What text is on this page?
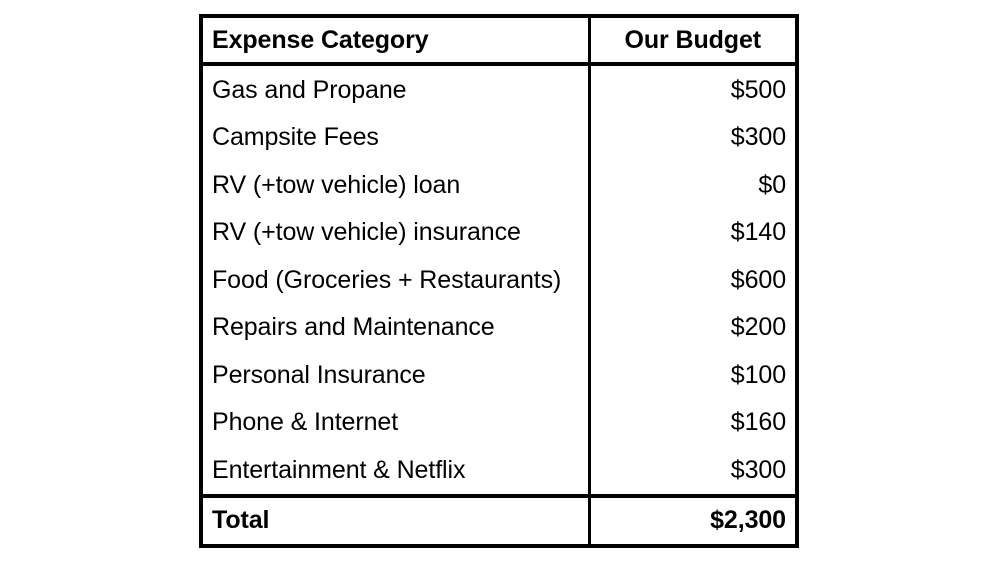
Expense Category	Our Budget
Gas and Propane	$500
Campsite Fees	$300
RV (+tow vehicle) loan	$0
RV (+tow vehicle) insurance	$140
Food (Groceries + Restaurants)	$600
Repairs and Maintenance	$200
Personal Insurance	$100
Phone & Internet	$160
Entertainment & Netflix	$300
Total	$2,300
